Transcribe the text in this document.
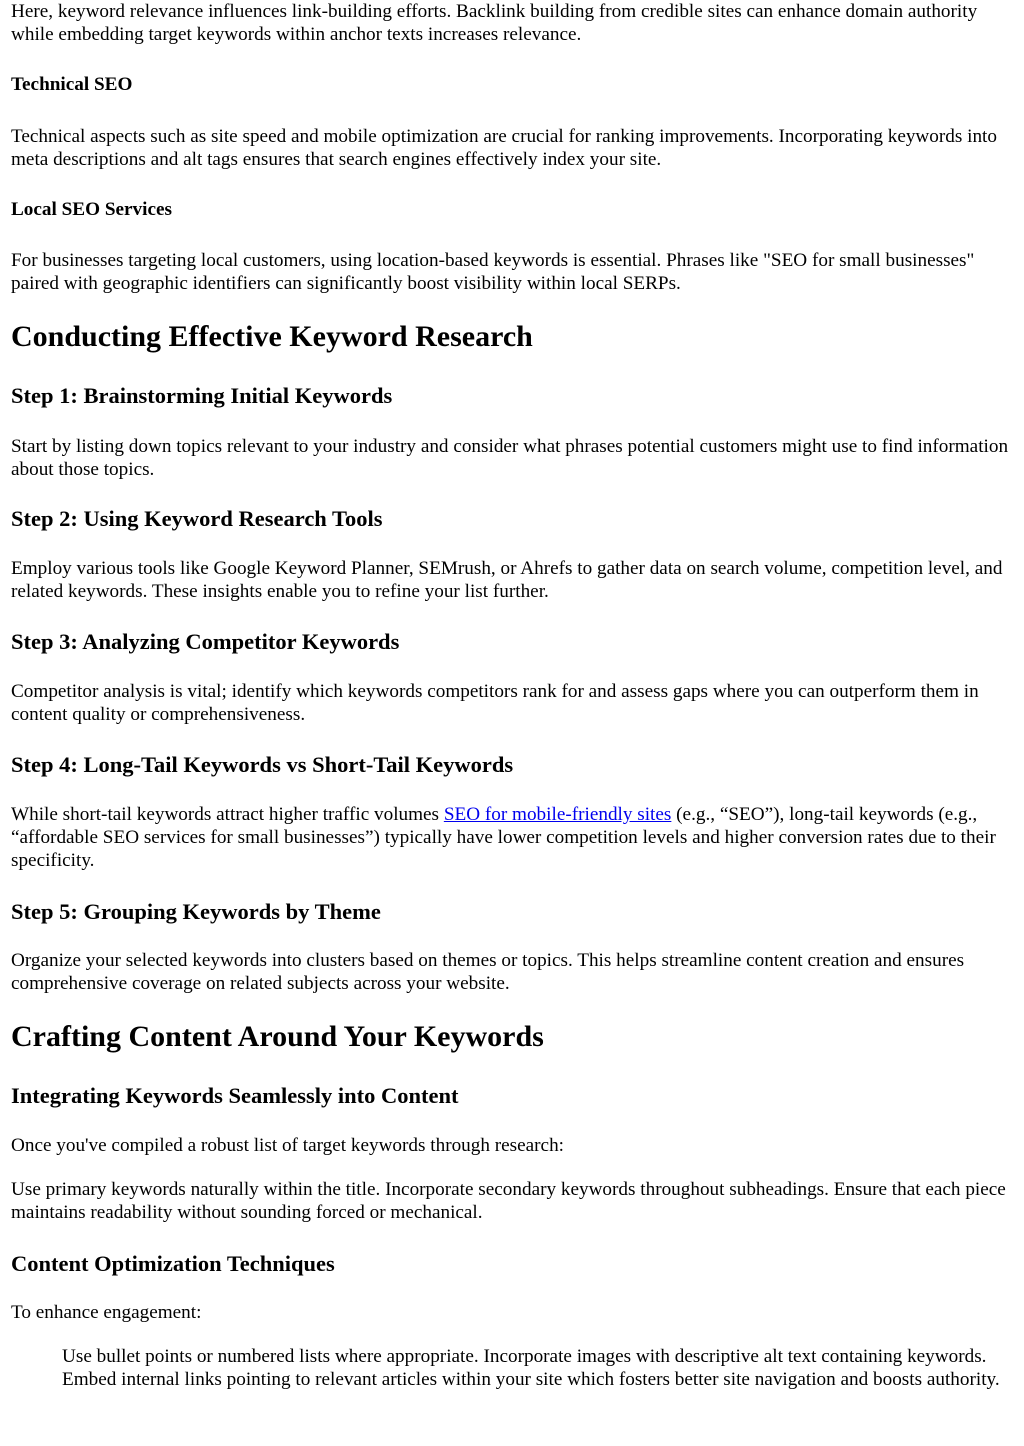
Here, keyword relevance influences link-building efforts. Backlink building from credible sites can enhance domain authority while embedding target keywords within anchor texts increases relevance.

Technical SEO

Technical aspects such as site speed and mobile optimization are crucial for ranking improvements. Incorporating keywords into meta descriptions and alt tags ensures that search engines effectively index your site.

Local SEO Services

For businesses targeting local customers, using location-based keywords is essential. Phrases like "SEO for small businesses" paired with geographic identifiers can significantly boost visibility within local SERPs.

Conducting Effective Keyword Research
Step 1: Brainstorming Initial Keywords

Start by listing down topics relevant to your industry and consider what phrases potential customers might use to find information about those topics.

Step 2: Using Keyword Research Tools

Employ various tools like Google Keyword Planner, SEMrush, or Ahrefs to gather data on search volume, competition level, and related keywords. These insights enable you to refine your list further.

Step 3: Analyzing Competitor Keywords

Competitor analysis is vital; identify which keywords competitors rank for and assess gaps where you can outperform them in content quality or comprehensiveness.

Step 4: Long-Tail Keywords vs Short-Tail Keywords

While short-tail keywords attract higher traffic volumes SEO for mobile-friendly sites (e.g., “SEO”), long-tail keywords (e.g., “affordable SEO services for small businesses”) typically have lower competition levels and higher conversion rates due to their specificity.

Step 5: Grouping Keywords by Theme

Organize your selected keywords into clusters based on themes or topics. This helps streamline content creation and ensures comprehensive coverage on related subjects across your website.

Crafting Content Around Your Keywords
Integrating Keywords Seamlessly into Content

Once you've compiled a robust list of target keywords through research:

Use primary keywords naturally within the title. Incorporate secondary keywords throughout subheadings. Ensure that each piece maintains readability without sounding forced or mechanical.

Content Optimization Techniques

To enhance engagement:

Use bullet points or numbered lists where appropriate. Incorporate images with descriptive alt text containing keywords. Embed internal links pointing to relevant articles within your site which fosters better site navigation and boosts authority.
